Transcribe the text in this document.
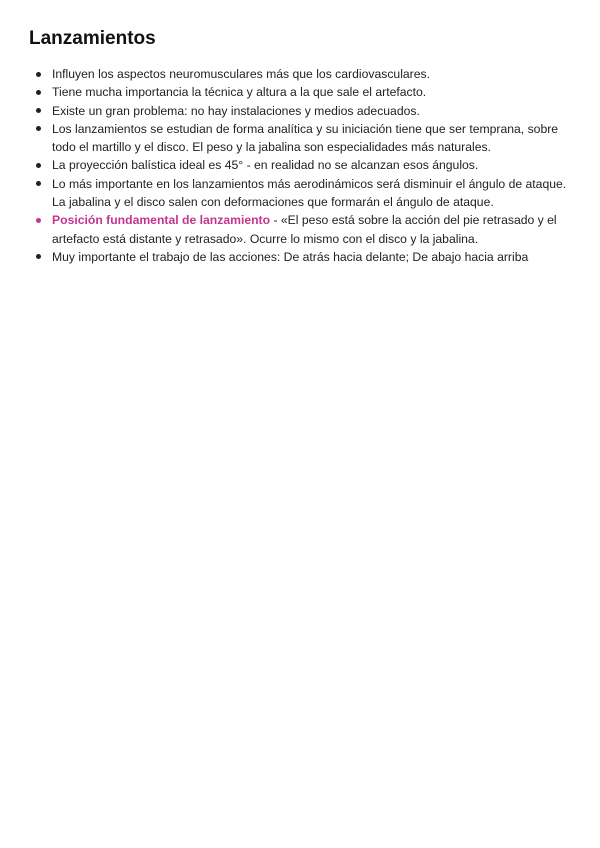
Lanzamientos
Influyen los aspectos neuromusculares más que los cardiovasculares.
Tiene mucha importancia la técnica y altura a la que sale el artefacto.
Existe un gran problema: no hay instalaciones y medios adecuados.
Los lanzamientos se estudian de forma analítica y su iniciación tiene que ser temprana, sobre todo el martillo y el disco. El peso y la jabalina son especialidades más naturales.
La proyección balística ideal es 45° - en realidad no se alcanzan esos ángulos.
Lo más importante en los lanzamientos más aerodinámicos será disminuir el ángulo de ataque. La jabalina y el disco salen con deformaciones que formarán el ángulo de ataque.
Posición fundamental de lanzamiento - «El peso está sobre la acción del pie retrasado y el artefacto está distante y retrasado». Ocurre lo mismo con el disco y la jabalina.
Muy importante el trabajo de las acciones: De atrás hacia delante; De abajo hacia arriba
